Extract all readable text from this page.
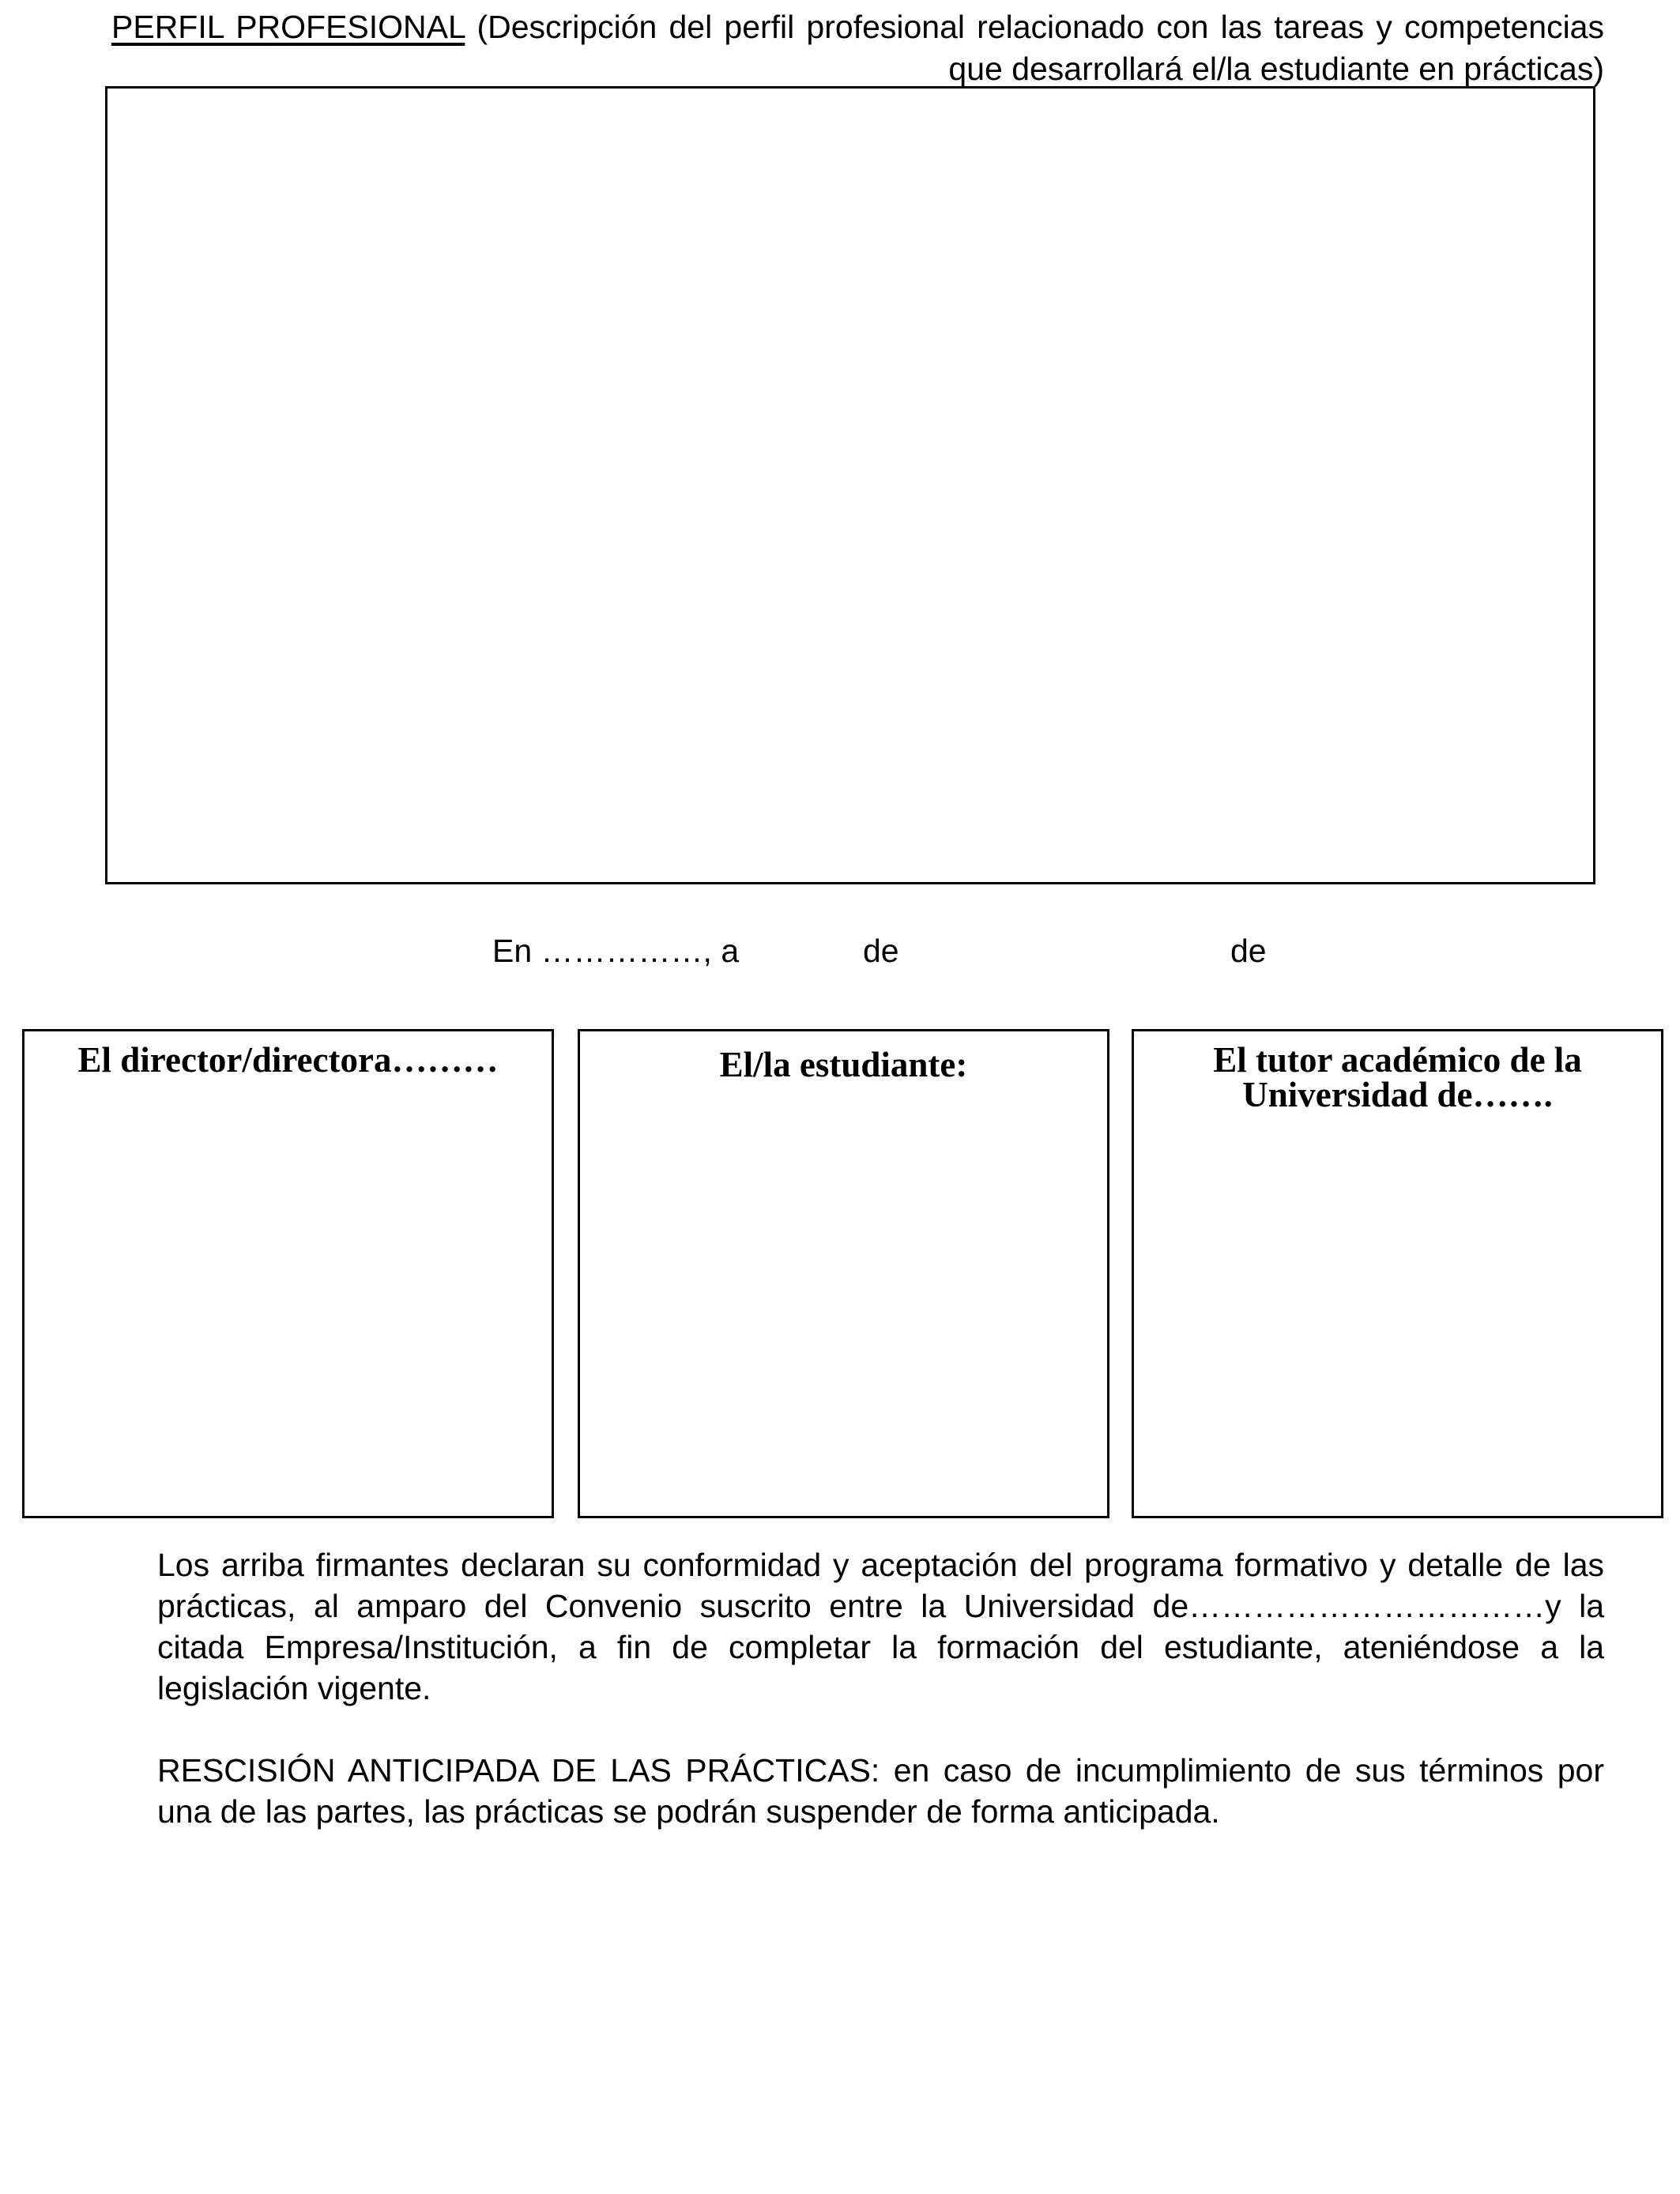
PERFIL PROFESIONAL (Descripción del perfil profesional relacionado con las tareas y competencias que desarrollará el/la estudiante en prácticas)
En ……………, a	de	de
El director/directora………	El/la estudiante:	El tutor académico de la Universidad de…….
Los arriba firmantes declaran su conformidad y aceptación del programa formativo y detalle de las prácticas, al amparo del Convenio suscrito entre la Universidad de……………………………y la citada Empresa/Institución, a fin de completar la formación del estudiante, ateniéndose a la legislación vigente.
RESCISIÓN ANTICIPADA DE LAS PRÁCTICAS: en caso de incumplimiento de sus términos por una de las partes, las prácticas se podrán suspender de forma anticipada.
